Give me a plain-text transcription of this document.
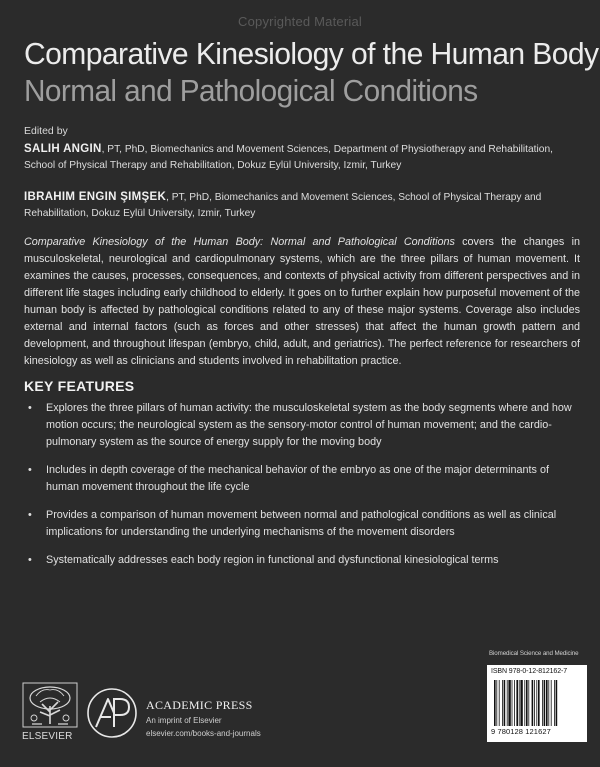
Copyrighted Material
Comparative Kinesiology of the Human Body
Normal and Pathological Conditions
Edited by
SALIH ANGIN, PT, PhD, Biomechanics and Movement Sciences, Department of Physiotherapy and Rehabilitation, School of Physical Therapy and Rehabilitation, Dokuz Eylül University, Izmir, Turkey
IBRAHIM ENGIN ŞIMŞEK, PT, PhD, Biomechanics and Movement Sciences, School of Physical Therapy and Rehabilitation, Dokuz Eylül University, Izmir, Turkey
Comparative Kinesiology of the Human Body: Normal and Pathological Conditions covers the changes in musculoskeletal, neurological and cardiopulmonary systems, which are the three pillars of human movement. It examines the causes, processes, consequences, and contexts of physical activity from different perspectives and in different life stages including early childhood to elderly. It goes on to further explain how purposeful movement of the human body is affected by pathological conditions related to any of these major systems. Coverage also includes external and internal factors (such as forces and other stresses) that affect the human growth pattern and development, and throughout lifespan (embryo, child, adult, and geriatrics). The perfect reference for researchers of kinesiology as well as clinicians and students involved in rehabilitation practice.
KEY FEATURES
• Explores the three pillars of human activity: the musculoskeletal system as the body segments where and how motion occurs; the neurological system as the sensory-motor control of human movement; and the cardio-pulmonary system as the source of energy supply for the moving body
• Includes in depth coverage of the mechanical behavior of the embryo as one of the major determinants of human movement throughout the life cycle
• Provides a comparison of human movement between normal and pathological conditions as well as clinical implications for understanding the underlying mechanisms of the movement disorders
• Systematically addresses each body region in functional and dysfunctional kinesiological terms
Biomedical Science and Medicine
ISBN 978-0-12-812162-7
9 780128 121627
ELSEVIER
ACADEMIC PRESS
An imprint of Elsevier
elsevier.com/books-and-journals
